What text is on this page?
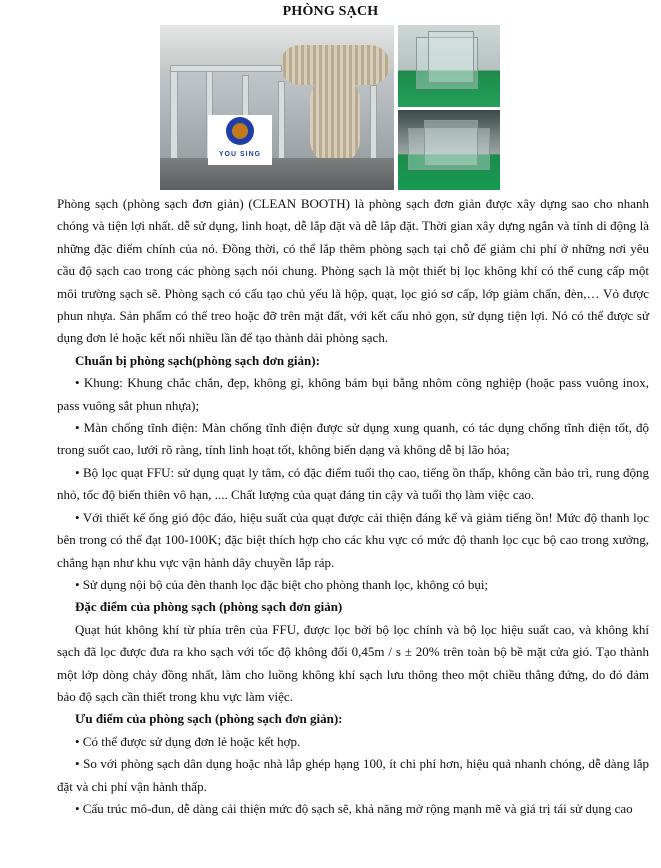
PHÒNG SẠCH
YOU SING

Phòng sạch (phòng sạch đơn giản) (CLEAN BOOTH) là phòng sạch đơn giản được xây dựng sao cho nhanh chóng và tiện lợi nhất. dễ sử dụng, linh hoạt, dễ lắp đặt và dễ lắp đặt. Thời gian xây dựng ngắn và tính di động là những đặc điểm chính của nó. Đồng thời, có thể lắp thêm phòng sạch tại chỗ để giảm chi phí ở những nơi yêu cầu độ sạch cao trong các phòng sạch nói chung. Phòng sạch là một thiết bị lọc không khí có thể cung cấp một môi trường sạch sẽ. Phòng sạch có cấu tạo chủ yếu là hộp, quạt, lọc gió sơ cấp, lớp giảm chấn, đèn,… Vỏ được phun nhựa. Sản phẩm có thể treo hoặc đỡ trên mặt đất, với kết cấu nhỏ gọn, sử dụng tiện lợi. Nó có thể được sử dụng đơn lẻ hoặc kết nối nhiều lần để tạo thành dải phòng sạch.

Chuẩn bị phòng sạch(phòng sạch đơn giản):

• Khung: Khung chắc chắn, đẹp, không gỉ, không bám bụi bằng nhôm công nghiệp (hoặc pass vuông inox, pass vuông sắt phun nhựa);

• Màn chống tĩnh điện: Màn chống tĩnh điện được sử dụng xung quanh, có tác dụng chống tĩnh điện tốt, độ trong suốt cao, lưới rõ ràng, tính linh hoạt tốt, không biến dạng và không dễ bị lão hóa;

• Bộ lọc quạt FFU: sử dụng quạt ly tâm, có đặc điểm tuổi thọ cao, tiếng ồn thấp, không cần bảo trì, rung động nhỏ, tốc độ biến thiên vô hạn, .... Chất lượng của quạt đáng tin cậy và tuổi thọ làm việc cao.

• Với thiết kế ống gió độc đáo, hiệu suất của quạt được cải thiện đáng kể và giảm tiếng ồn! Mức độ thanh lọc bên trong có thể đạt 100-100K; đặc biệt thích hợp cho các khu vực có mức độ thanh lọc cục bộ cao trong xưởng, chẳng hạn như khu vực vận hành dây chuyền lắp ráp.

• Sử dụng nội bộ của đèn thanh lọc đặc biệt cho phòng thanh lọc, không có bụi;

Đặc điểm của phòng sạch (phòng sạch đơn giản)

Quạt hút không khí từ phía trên của FFU, được lọc bởi bộ lọc chính và bộ lọc hiệu suất cao, và không khí sạch đã lọc được đưa ra kho sạch với tốc độ không đổi 0,45m / s ± 20% trên toàn bộ bề mặt cửa gió. Tạo thành một lớp dòng chảy đồng nhất, làm cho luồng không khí sạch lưu thông theo một chiều thẳng đứng, do đó đảm bảo độ sạch cần thiết trong khu vực làm việc.

Ưu điểm của phòng sạch (phòng sạch đơn giản):

• Có thể được sử dụng đơn lẻ hoặc kết hợp.

• So với phòng sạch dân dụng hoặc nhà lắp ghép hạng 100, ít chi phí hơn, hiệu quả nhanh chóng, dễ dàng lắp đặt và chi phí vận hành thấp.

• Cấu trúc mô-đun, dễ dàng cải thiện mức độ sạch sẽ, khả năng mở rộng mạnh mẽ và giá trị tái sử dụng cao
